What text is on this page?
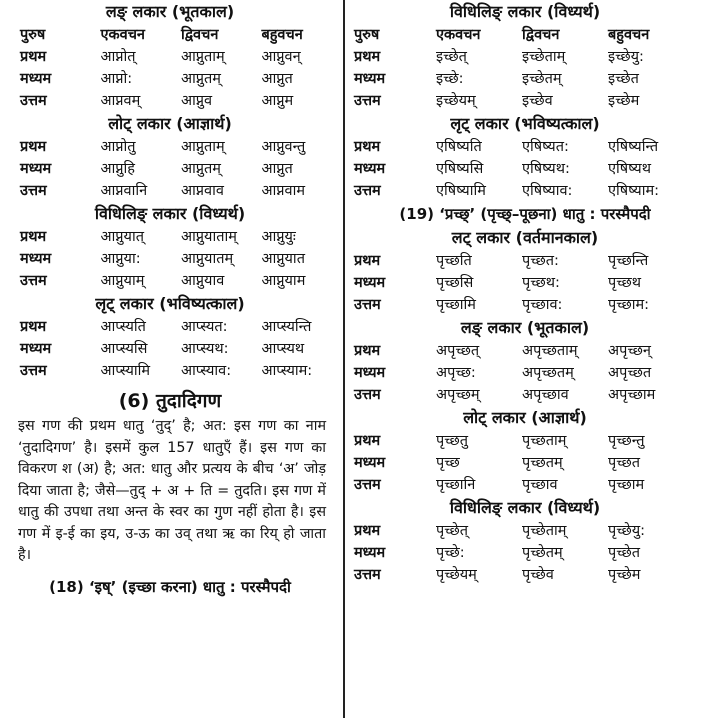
लङ् लकार (भूतकाल)
पुरुष	एकवचन	द्विवचन	बहुवचन
प्रथम	आप्नोत्	आप्नुताम्	आप्नुवन्
मध्यम	आप्नो:	आप्नुतम्	आप्नुत
उत्तम	आप्नवम्	आप्नुव	आप्नुम
लोट् लकार (आज्ञार्थ)
प्रथम	आप्नोतु	आप्नुताम्	आप्नुवन्तु
मध्यम	आप्नुहि	आप्नुतम्	आप्नुत
उत्तम	आप्नवानि	आप्नवाव	आप्नवाम
विधिलिङ् लकार (विध्यर्थ)
प्रथम	आप्नुयात्	आप्नुयाताम्	आप्नुयुः
मध्यम	आप्नुया:	आप्नुयातम्	आप्नुयात
उत्तम	आप्नुयाम्	आप्नुयाव	आप्नुयाम
लृट् लकार (भविष्यत्काल)
प्रथम	आप्स्यति	आप्स्यत:	आप्स्यन्ति
मध्यम	आप्स्यसि	आप्स्यथ:	आप्स्यथ
उत्तम	आप्स्यामि	आप्स्याव:	आप्स्याम:
(6) तुदादिगण

इस गण की प्रथम धातु ‘तुद्’ है; अत: इस गण का नाम ‘तुदादिगण’ है। इसमें कुल 157 धातुएँ हैं। इस गण का विकरण श (अ) है; अत: धातु और प्रत्यय के बीच ‘अ’ जोड़ दिया जाता है; जैसे—तुद् + अ + ति = तुदति। इस गण में धातु की उपधा तथा अन्त के स्वर का गुण नहीं होता है। इस गण में इ-ई का इय, उ-ऊ का उव् तथा ऋ का रिय् हो जाता है।

(18) ‘इष्’ (इच्छा करना) धातु : परस्मैपदी
विधिलिङ् लकार (विध्यर्थ)
पुरुष	एकवचन	द्विवचन	बहुवचन
प्रथम	इच्छेत्	इच्छेताम्	इच्छेयु:
मध्यम	इच्छे:	इच्छेतम्	इच्छेत
उत्तम	इच्छेयम्	इच्छेव	इच्छेम
लृट् लकार (भविष्यत्काल)
प्रथम	एषिष्यति	एषिष्यत:	एषिष्यन्ति
मध्यम	एषिष्यसि	एषिष्यथ:	एषिष्यथ
उत्तम	एषिष्यामि	एषिष्याव:	एषिष्याम:
(19) ‘प्रच्छ्’ (पृच्छ्–पूछना) धातु : परस्मैपदी
लट् लकार (वर्तमानकाल)
प्रथम	पृच्छति	पृच्छत:	पृच्छन्ति
मध्यम	पृच्छसि	पृच्छथ:	पृच्छथ
उत्तम	पृच्छामि	पृच्छाव:	पृच्छाम:
लङ् लकार (भूतकाल)
प्रथम	अपृच्छत्	अपृच्छताम्	अपृच्छन्
मध्यम	अपृच्छ:	अपृच्छतम्	अपृच्छत
उत्तम	अपृच्छम्	अपृच्छाव	अपृच्छाम
लोट् लकार (आज्ञार्थ)
प्रथम	पृच्छतु	पृच्छताम्	पृच्छन्तु
मध्यम	पृच्छ	पृच्छतम्	पृच्छत
उत्तम	पृच्छानि	पृच्छाव	पृच्छाम
विधिलिङ् लकार (विध्यर्थ)
प्रथम	पृच्छेत्	पृच्छेताम्	पृच्छेयु:
मध्यम	पृच्छे:	पृच्छेतम्	पृच्छेत
उत्तम	पृच्छेयम्	पृच्छेव	पृच्छेम
